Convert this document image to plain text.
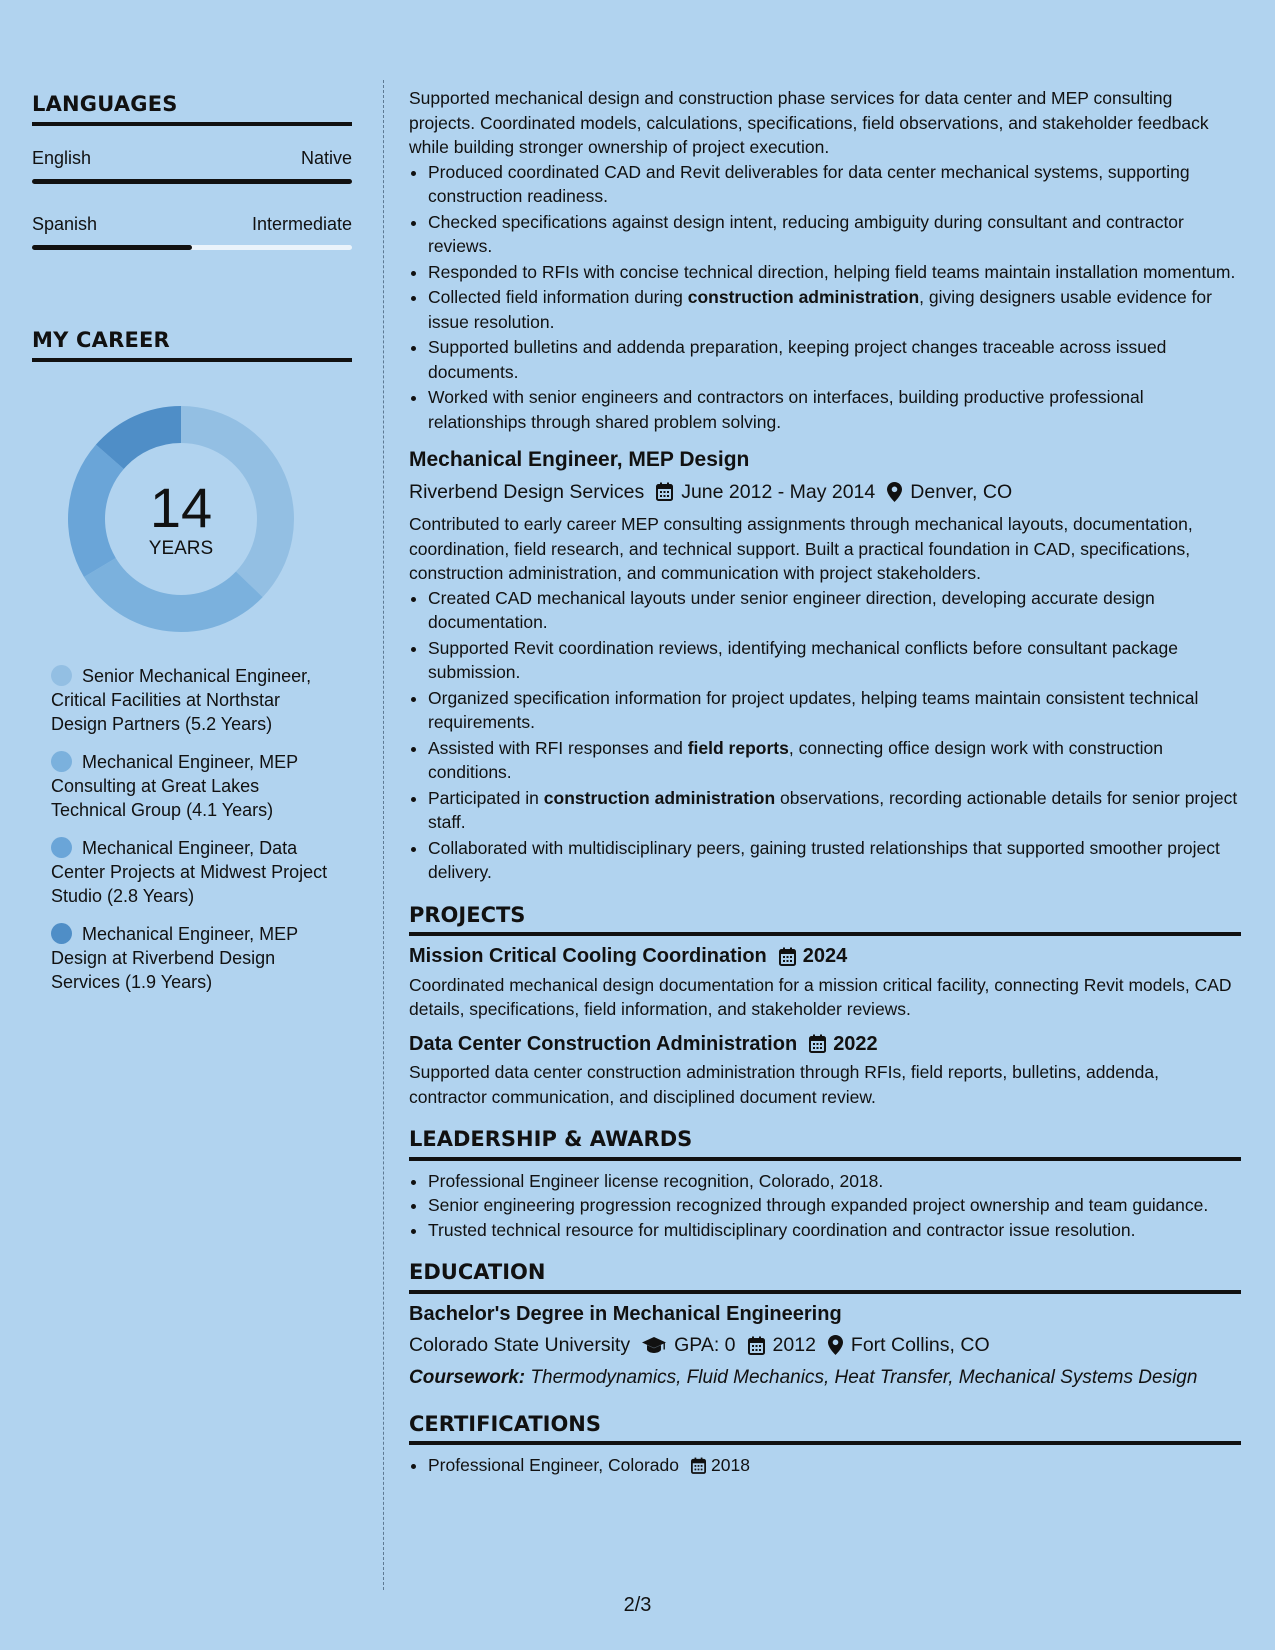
LANGUAGES
English	Native
Spanish	Intermediate
MY CAREER
14
YEARS
Senior Mechanical Engineer, Critical Facilities at Northstar Design Partners (5.2 Years)
Mechanical Engineer, MEP Consulting at Great Lakes Technical Group (4.1 Years)
Mechanical Engineer, Data Center Projects at Midwest Project Studio (2.8 Years)
Mechanical Engineer, MEP Design at Riverbend Design Services (1.9 Years)

Supported mechanical design and construction phase services for data center and MEP consulting projects. Coordinated models, calculations, specifications, field observations, and stakeholder feedback while building stronger ownership of project execution.

• Produced coordinated CAD and Revit deliverables for data center mechanical systems, supporting construction readiness.
• Checked specifications against design intent, reducing ambiguity during consultant and contractor reviews.
• Responded to RFIs with concise technical direction, helping field teams maintain installation momentum.
• Collected field information during construction administration, giving designers usable evidence for issue resolution.
• Supported bulletins and addenda preparation, keeping project changes traceable across issued documents.
• Worked with senior engineers and contractors on interfaces, building productive professional relationships through shared problem solving.
Mechanical Engineer, MEP Design
Riverbend Design Services June 2012 - May 2014 Denver, CO

Contributed to early career MEP consulting assignments through mechanical layouts, documentation, coordination, field research, and technical support. Built a practical foundation in CAD, specifications, construction administration, and communication with project stakeholders.

• Created CAD mechanical layouts under senior engineer direction, developing accurate design documentation.
• Supported Revit coordination reviews, identifying mechanical conflicts before consultant package submission.
• Organized specification information for project updates, helping teams maintain consistent technical requirements.
• Assisted with RFI responses and field reports, connecting office design work with construction conditions.
• Participated in construction administration observations, recording actionable details for senior project staff.
• Collaborated with multidisciplinary peers, gaining trusted relationships that supported smoother project delivery.
PROJECTS
Mission Critical Cooling Coordination 2024

Coordinated mechanical design documentation for a mission critical facility, connecting Revit models, CAD details, specifications, field information, and stakeholder reviews.

Data Center Construction Administration 2022

Supported data center construction administration through RFIs, field reports, bulletins, addenda, contractor communication, and disciplined document review.

LEADERSHIP & AWARDS
• Professional Engineer license recognition, Colorado, 2018.
• Senior engineering progression recognized through expanded project ownership and team guidance.
• Trusted technical resource for multidisciplinary coordination and contractor issue resolution.
EDUCATION
Bachelor's Degree in Mechanical Engineering
Colorado State University GPA: 0 2012 Fort Collins, CO
Coursework: Thermodynamics, Fluid Mechanics, Heat Transfer, Mechanical Systems Design
CERTIFICATIONS
• Professional Engineer, Colorado 2018
2/3
